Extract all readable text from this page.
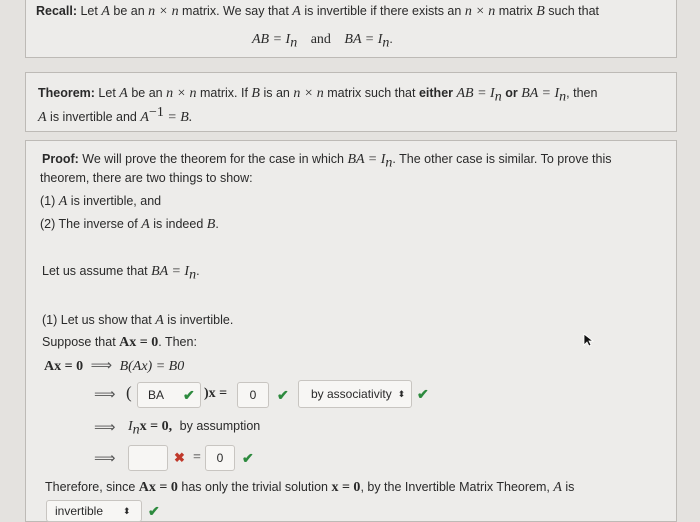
Recall: Let A be an n × n matrix. We say that A is invertible if there exists an n × n matrix B such that
AB = $I_n$ and BA = $I_n$.
Theorem: Let A be an n × n matrix. If B is an n × n matrix such that either AB = $I_n$ or BA = $I_n$, then
A is invertible and $A^{-1} = B$.
Proof: We will prove the theorem for the case in which BA = $I_n$. The other case is similar. To prove this
theorem, there are two things to show:
(1) A is invertible, and
(2) The inverse of A is indeed B.
Let us assume that BA = $I_n$.
(1) Let us show that A is invertible.
Suppose that Ax = 0. Then:
Ax = 0 ⟹ B(Ax) = B0
⟹ ( BA ✔ )x = 0 ✔ by associativity ⬍ ✔
⟹ $I_nx = 0$, by assumption
⟹	✖ = 0 ✔
Therefore, since Ax = 0 has only the trivial solution x = 0, by the Invertible Matrix Theorem, A is
invertible ⬍ ✔
